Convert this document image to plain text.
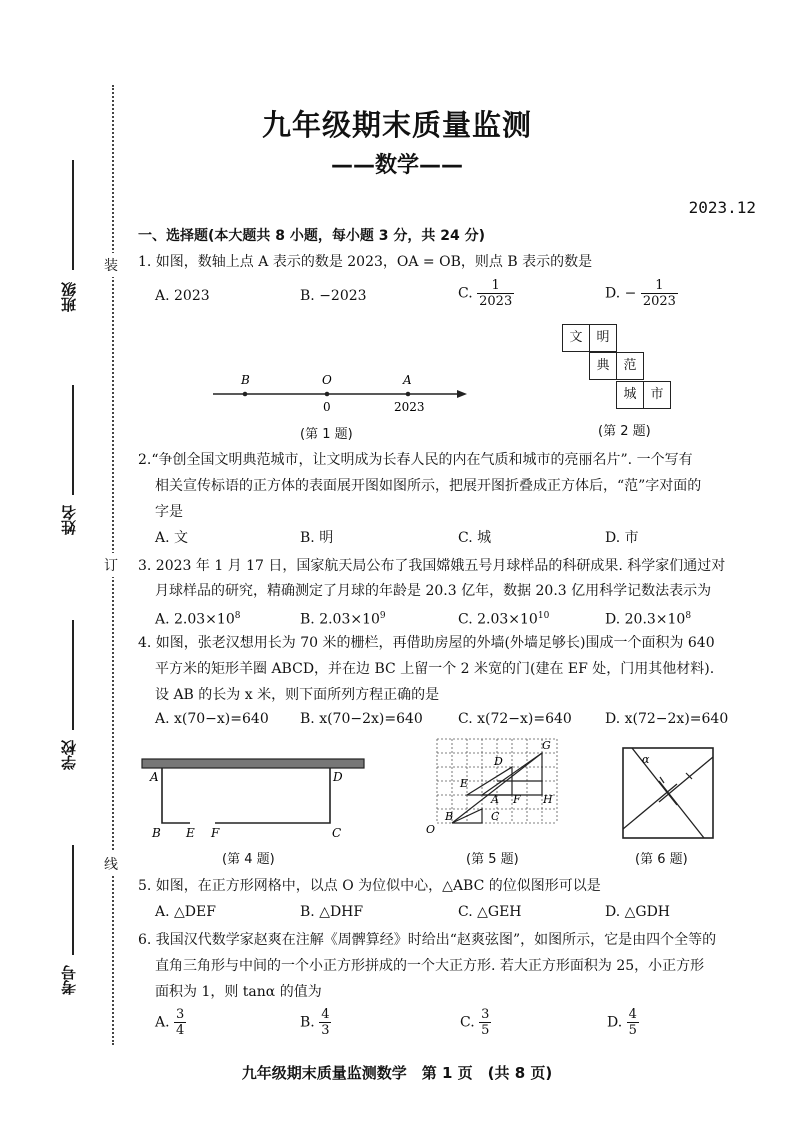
班级
姓名
学校
考号
装
订
线
九年级期末质量监测
——数学——
2023.12
一、选择题(本大题共 8 小题，每小题 3 分，共 24 分)
1. 如图，数轴上点 A 表示的数是 2023，OA = OB，则点 B 表示的数是
A. 2023	B. −2023	C. $\frac{1}{2023}$	D. − $\frac{1}{2023}$
B	O	A
0	2023
(第 1 题)
文	明
典	范
城	市
(第 2 题)
2.“争创全国文明典范城市，让文明成为长春人民的内在气质和城市的亮丽名片”. 一个写有
相关宣传标语的正方体的表面展开图如图所示，把展开图折叠成正方体后，“范”字对面的
字是
A. 文	B. 明	C. 城	D. 市
3. 2023 年 1 月 17 日，国家航天局公布了我国嫦娥五号月球样品的科研成果. 科学家们通过对
月球样品的研究，精确测定了月球的年龄是 20.3 亿年，数据 20.3 亿用科学记数法表示为
A. $2.03\times 10^8$	B. $2.03\times 10^9$	C. $2.03\times 10^{10}$	D. $20.3\times 10^8$
4. 如图，张老汉想用长为 70 米的栅栏，再借助房屋的外墙(外墙足够长)围成一个面积为 640
平方米的矩形羊圈 ABCD，并在边 BC 上留一个 2 米宽的门(建在 EF 处，门用其他材料).
设 AB 的长为 x 米，则下面所列方程正确的是
A. x(70−x)=640 B. x(70−2x)=640	C. x(72−x)=640 D. x(72−2x)=640
A	D
B E F	C
(第 4 题)
G
D
E
A F H
B	C
O
(第 5 题)
α
(第 6 题)
5. 如图，在正方形网格中，以点 O 为位似中心，△ABC 的位似图形可以是
A. △DEF	B. △DHF	C. △GEH	D. △GDH
6. 我国汉代数学家赵爽在注解《周髀算经》时给出“赵爽弦图”，如图所示，它是由四个全等的
直角三角形与中间的一个小正方形拼成的一个大正方形. 若大正方形面积为 25，小正方形
面积为 1，则 tanα 的值为
A. $\frac{3}{4}$	B. $\frac{4}{3}$	C. $\frac{3}{5}$	D. $\frac{4}{5}$
九年级期末质量监测数学　第 1 页　(共 8 页)
